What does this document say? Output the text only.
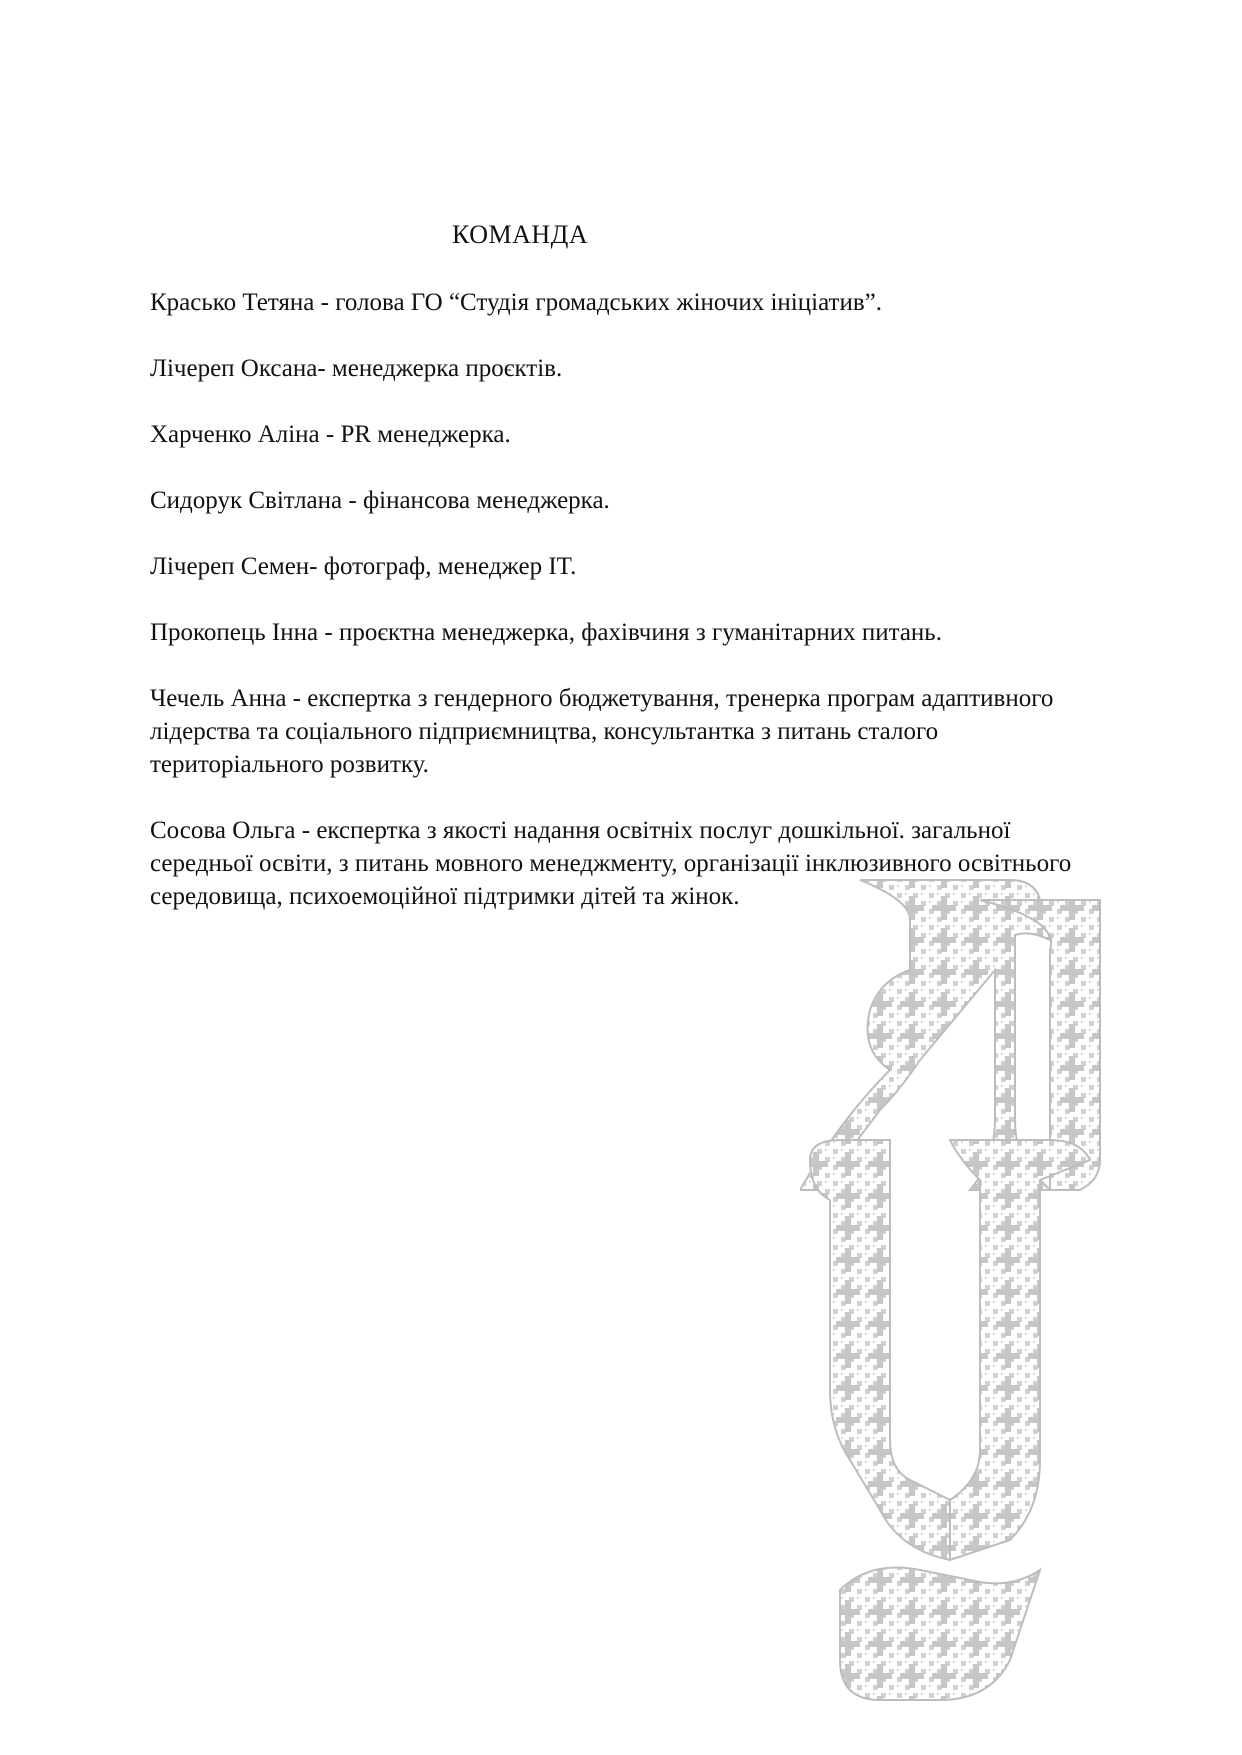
КОМАНДА
Красько Тетяна - голова ГО “Студія громадських жіночих ініціатив”.
Лічереп Оксана- менеджерка проєктів.
Харченко Аліна - PR менеджерка.
Сидорук Світлана - фінансова менеджерка.
Лічереп Семен- фотограф, менеджер IT.
Прокопець Інна - проєктна менеджерка, фахівчиня з гуманітарних питань.
Чечель Анна - експертка з гендерного бюджетування, тренерка програм адаптивного лідерства та соціального підприємництва, консультантка з питань сталого територіального розвитку.
Сосова Ольга - експертка з якості надання освітніх послуг дошкільної. загальної середньої освіти, з питань мовного менеджменту, організації інклюзивного освітнього середовища, психоемоційної підтримки дітей та жінок.
